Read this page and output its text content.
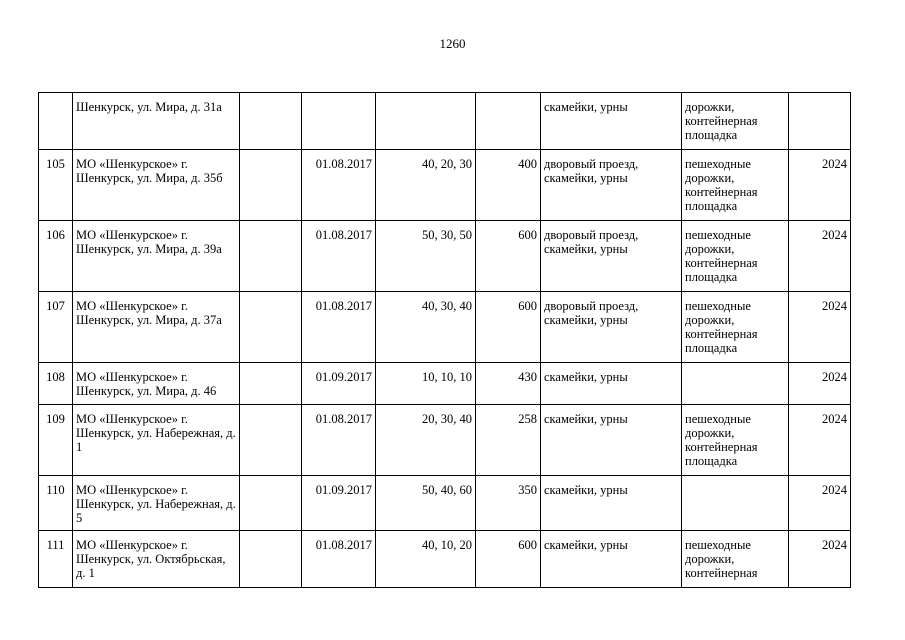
1260
	Шенкурск, ул. Мира, д. 31а					скамейки, урны	дорожки, контейнерная площадка	
105	МО «Шенкурское» г. Шенкурск, ул. Мира, д. 35б		01.08.2017	40, 20, 30	400	дворовый проезд, скамейки, урны	пешеходные дорожки, контейнерная площадка	2024
106	МО «Шенкурское» г. Шенкурск, ул. Мира, д. 39а		01.08.2017	50, 30, 50	600	дворовый проезд, скамейки, урны	пешеходные дорожки, контейнерная площадка	2024
107	МО «Шенкурское» г. Шенкурск, ул. Мира, д. 37а		01.08.2017	40, 30, 40	600	дворовый проезд, скамейки, урны	пешеходные дорожки, контейнерная площадка	2024
108	МО «Шенкурское» г. Шенкурск, ул. Мира, д. 46		01.09.2017	10, 10, 10	430	скамейки, урны		2024
109	МО «Шенкурское» г. Шенкурск, ул. Набережная, д. 1		01.08.2017	20, 30, 40	258	скамейки, урны	пешеходные дорожки, контейнерная площадка	2024
110	МО «Шенкурское» г. Шенкурск, ул. Набережная, д. 5		01.09.2017	50, 40, 60	350	скамейки, урны		2024
111	МО «Шенкурское» г. Шенкурск, ул. Октябрьская, д. 1		01.08.2017	40, 10, 20	600	скамейки, урны	пешеходные дорожки, контейнерная	2024
